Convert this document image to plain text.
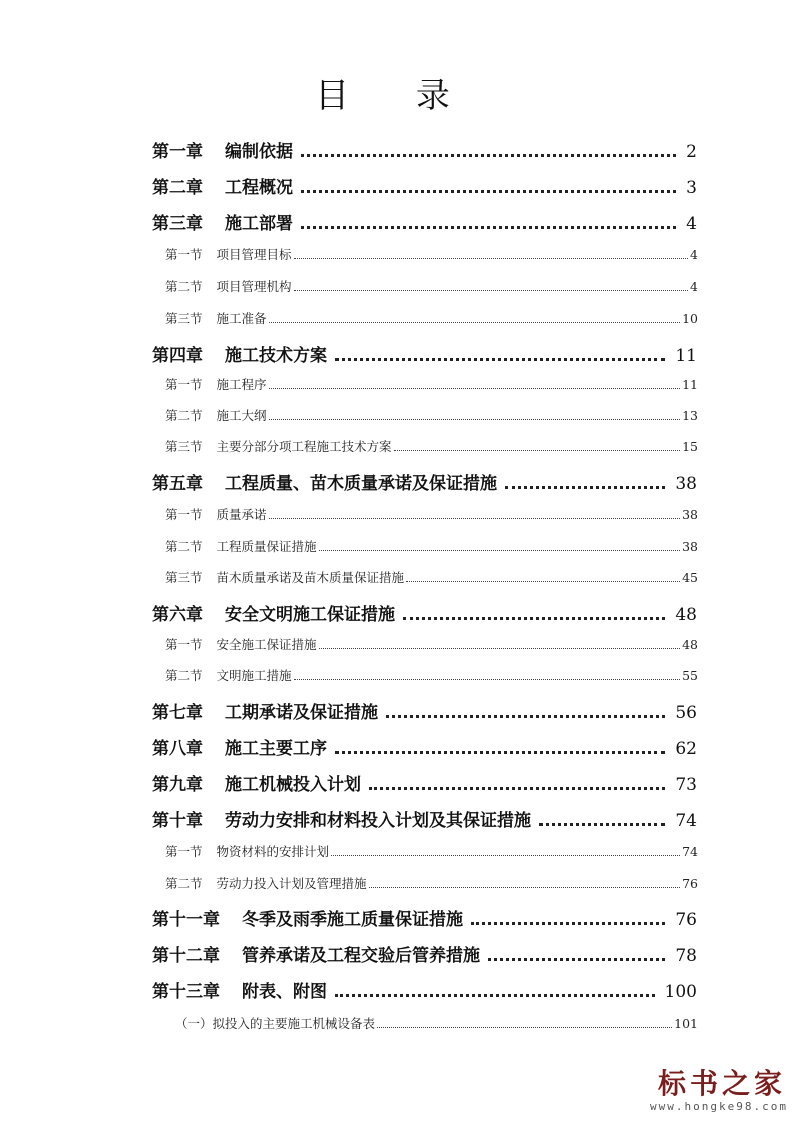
目 录
第一章 编制依据	2
第二章 工程概况	3
第三章 施工部署	4
第一节 项目管理目标	4
第二节 项目管理机构	4
第三节 施工准备	10
第四章 施工技术方案	11
第一节 施工程序	11
第二节 施工大纲	13
第三节 主要分部分项工程施工技术方案	15
第五章 工程质量、苗木质量承诺及保证措施	38
第一节 质量承诺	38
第二节 工程质量保证措施	38
第三节 苗木质量承诺及苗木质量保证措施	45
第六章 安全文明施工保证措施	48
第一节 安全施工保证措施	48
第二节 文明施工措施	55
第七章 工期承诺及保证措施	56
第八章 施工主要工序	62
第九章 施工机械投入计划	73
第十章 劳动力安排和材料投入计划及其保证措施	74
第一节 物资材料的安排计划	74
第二节 劳动力投入计划及管理措施	76
第十一章 冬季及雨季施工质量保证措施	76
第十二章 管养承诺及工程交验后管养措施	78
第十三章 附表、附图	100
（一） 拟投入的主要施工机械设备表	101
标书之家
www.hongke98.com
